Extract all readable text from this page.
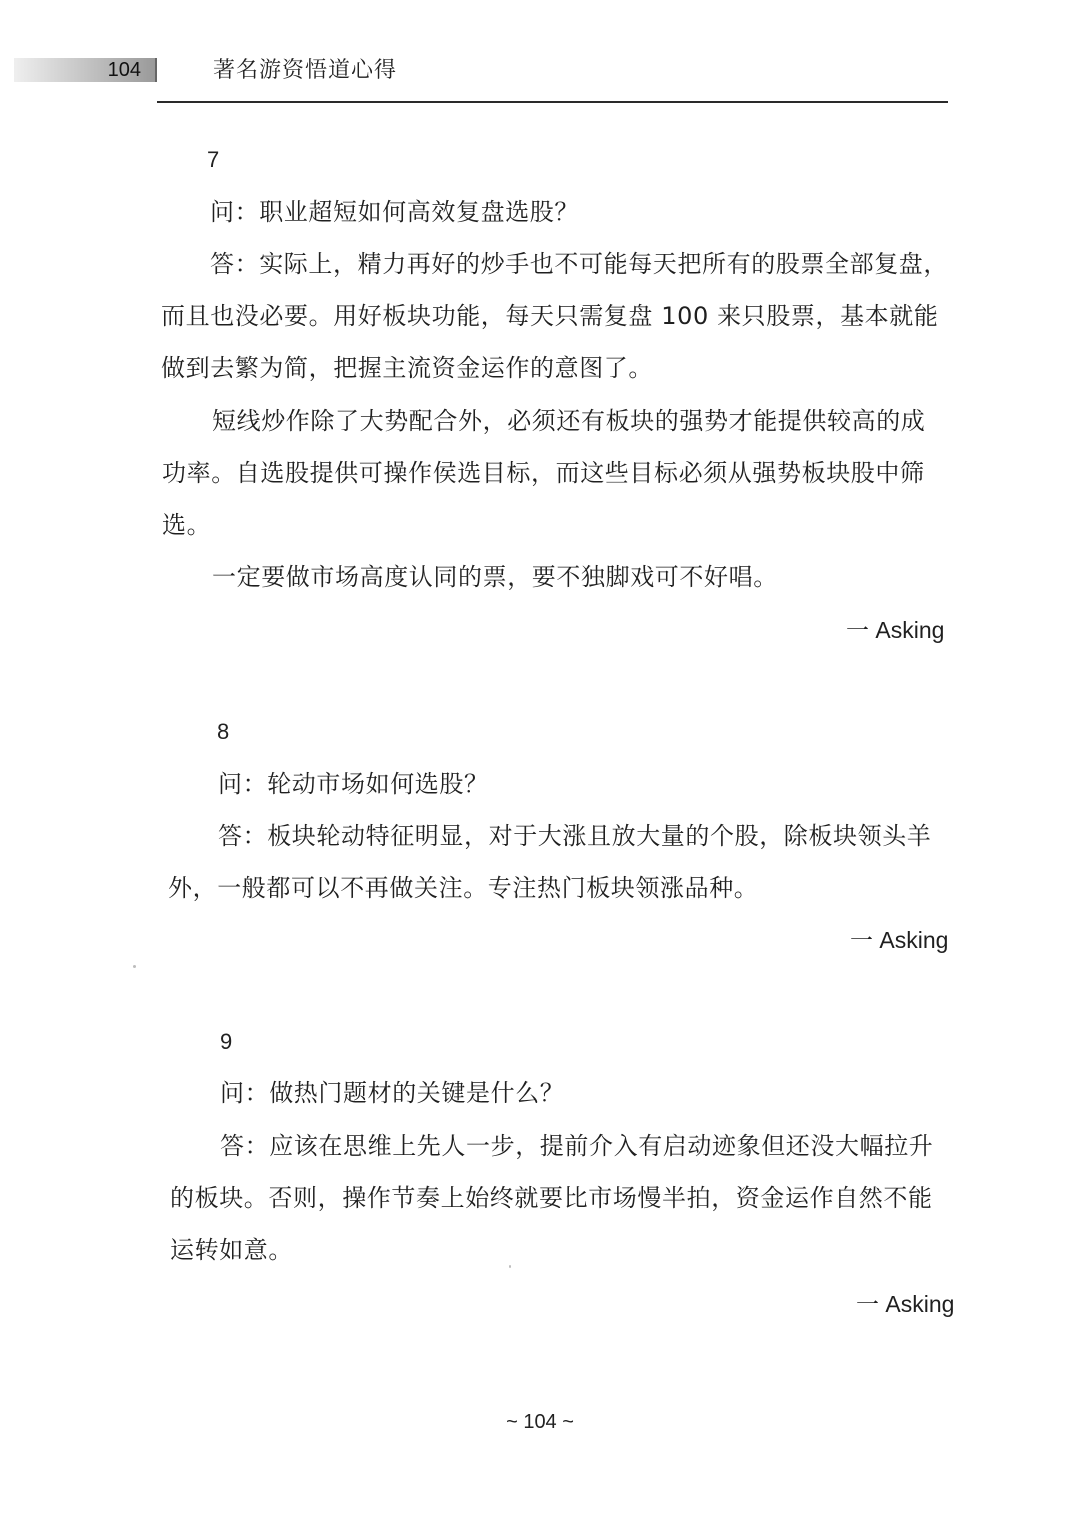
104	著名游资悟道心得
7
问：职业超短如何高效复盘选股？
答：实际上，精力再好的炒手也不可能每天把所有的股票全部复盘，
而且也没必要。用好板块功能，每天只需复盘 100 来只股票，基本就能
做到去繁为简，把握主流资金运作的意图了。
短线炒作除了大势配合外，必须还有板块的强势才能提供较高的成
功率。自选股提供可操作侯选目标，而这些目标必须从强势板块股中筛
选。
一定要做市场高度认同的票，要不独脚戏可不好唱。
一 Asking
8
问：轮动市场如何选股？
答：板块轮动特征明显，对于大涨且放大量的个股，除板块领头羊
外，一般都可以不再做关注。专注热门板块领涨品种。
一 Asking
9
问：做热门题材的关键是什么？
答：应该在思维上先人一步，提前介入有启动迹象但还没大幅拉升
的板块。否则，操作节奏上始终就要比市场慢半拍，资金运作自然不能
运转如意。
一 Asking
~ 104 ~
